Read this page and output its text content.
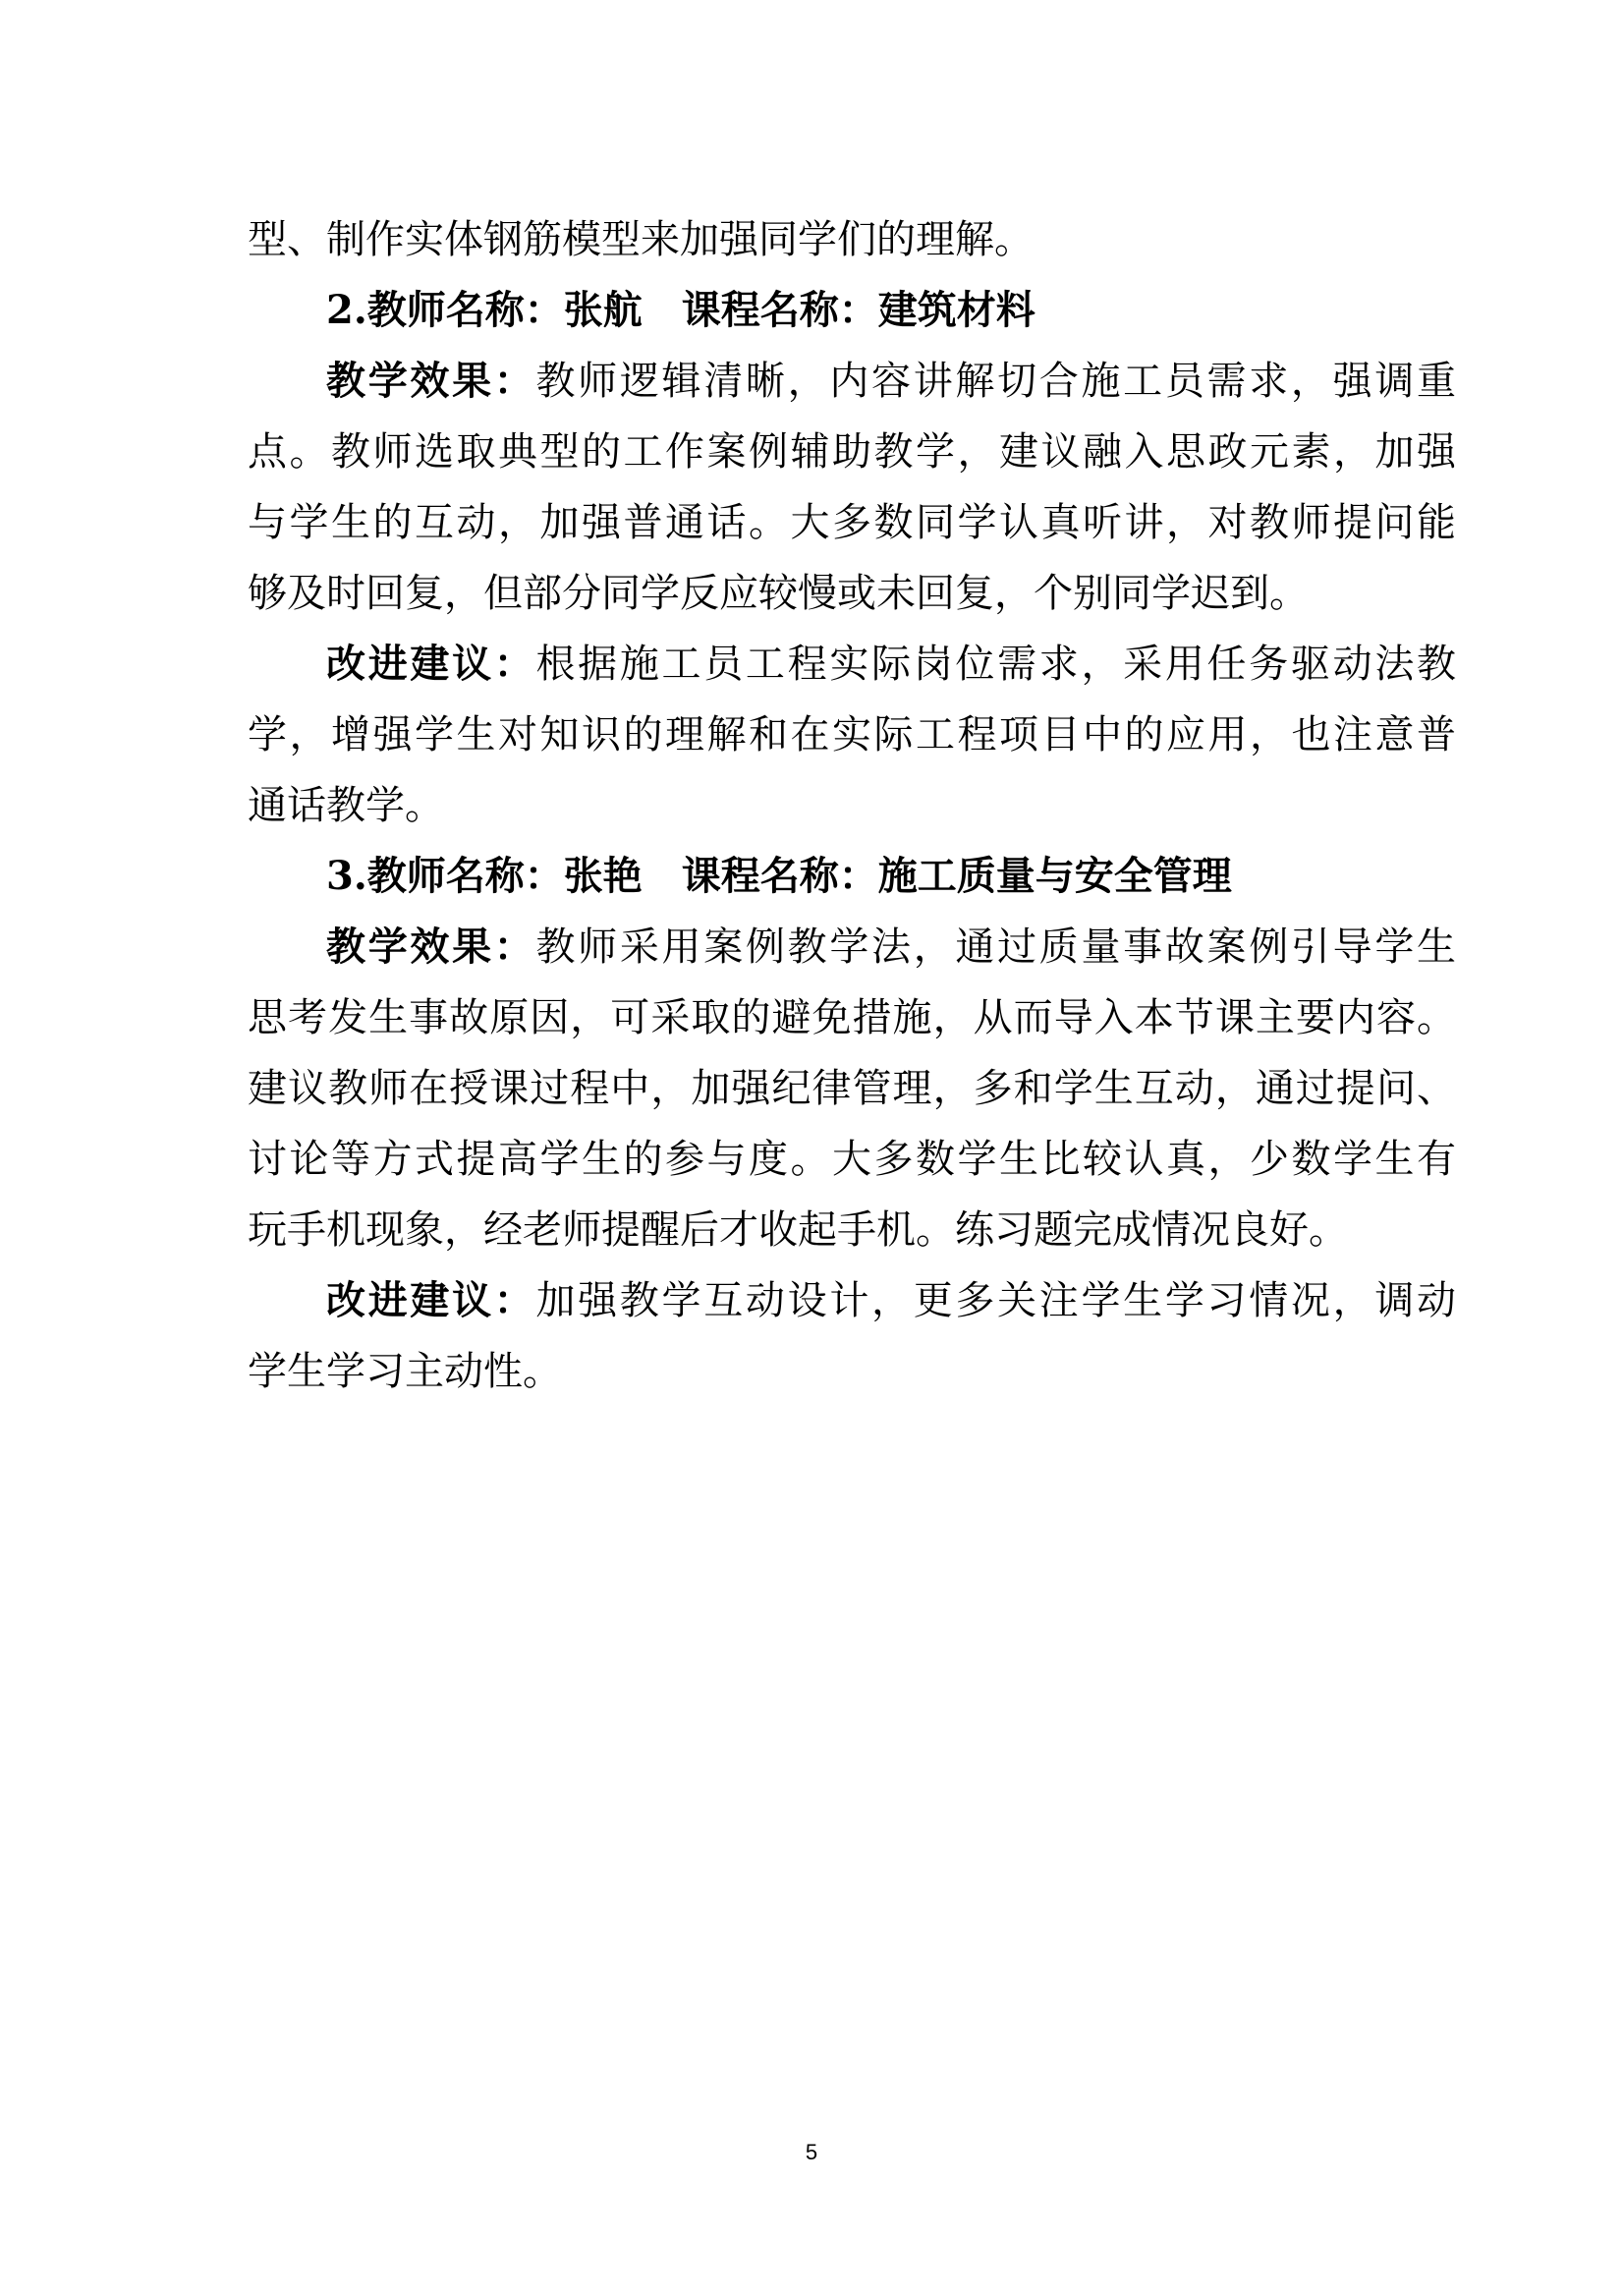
型、制作实体钢筋模型来加强同学们的理解。
2.教师名称：张航 课程名称：建筑材料
教学效果：教师逻辑清晰，内容讲解切合施工员需求，强调重
点。教师选取典型的工作案例辅助教学，建议融入思政元素，加强
与学生的互动，加强普通话。大多数同学认真听讲，对教师提问能
够及时回复，但部分同学反应较慢或未回复，个别同学迟到。
改进建议：根据施工员工程实际岗位需求，采用任务驱动法教
学，增强学生对知识的理解和在实际工程项目中的应用，也注意普
通话教学。
3.教师名称：张艳 课程名称：施工质量与安全管理
教学效果：教师采用案例教学法，通过质量事故案例引导学生
思考发生事故原因，可采取的避免措施，从而导入本节课主要内容。
建议教师在授课过程中，加强纪律管理，多和学生互动，通过提问、
讨论等方式提高学生的参与度。大多数学生比较认真，少数学生有
玩手机现象，经老师提醒后才收起手机。练习题完成情况良好。
改进建议：加强教学互动设计，更多关注学生学习情况，调动
学生学习主动性。
5
